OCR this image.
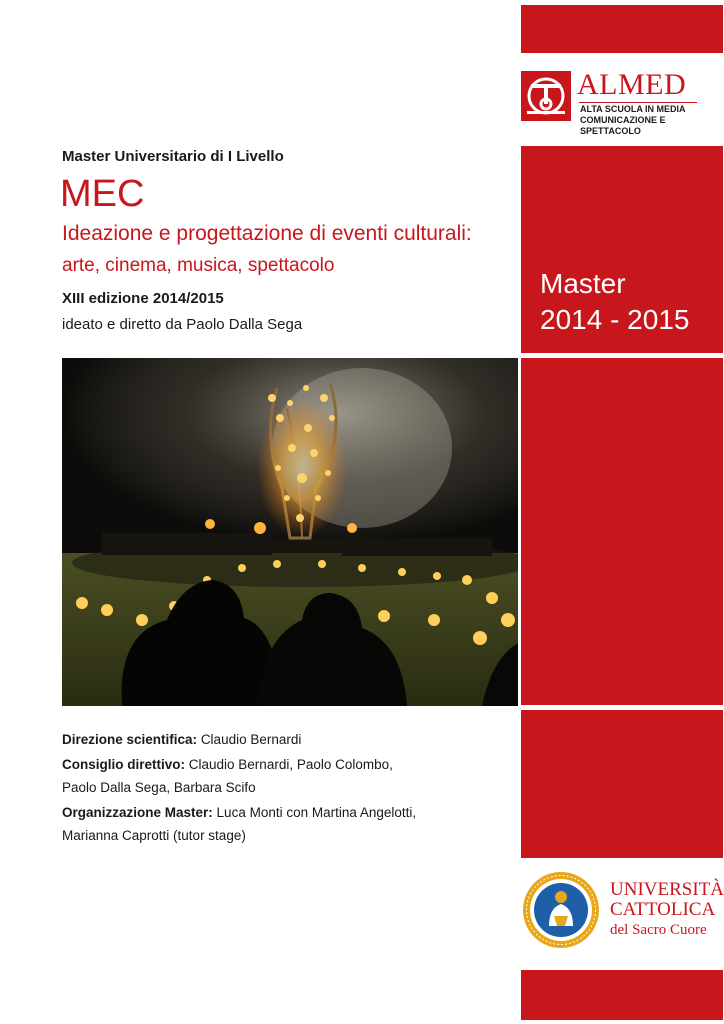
ALMED
ALTA SCUOLA IN MEDIA
COMUNICAZIONE E SPETTACOLO
Master
2014 - 2015
Master Universitario di I Livello
MEC
Ideazione e progettazione di eventi culturali:
arte, cinema, musica, spettacolo
XIII edizione 2014/2015
ideato e diretto da Paolo Dalla Sega

Direzione scientifica: Claudio Bernardi

Consiglio direttivo: Claudio Bernardi, Paolo Colombo,
Paolo Dalla Sega, Barbara Scifo

Organizzazione Master: Luca Monti con Martina Angelotti,
Marianna Caprotti (tutor stage)

UNIVERSITÀ
CATTOLICA
del Sacro Cuore
